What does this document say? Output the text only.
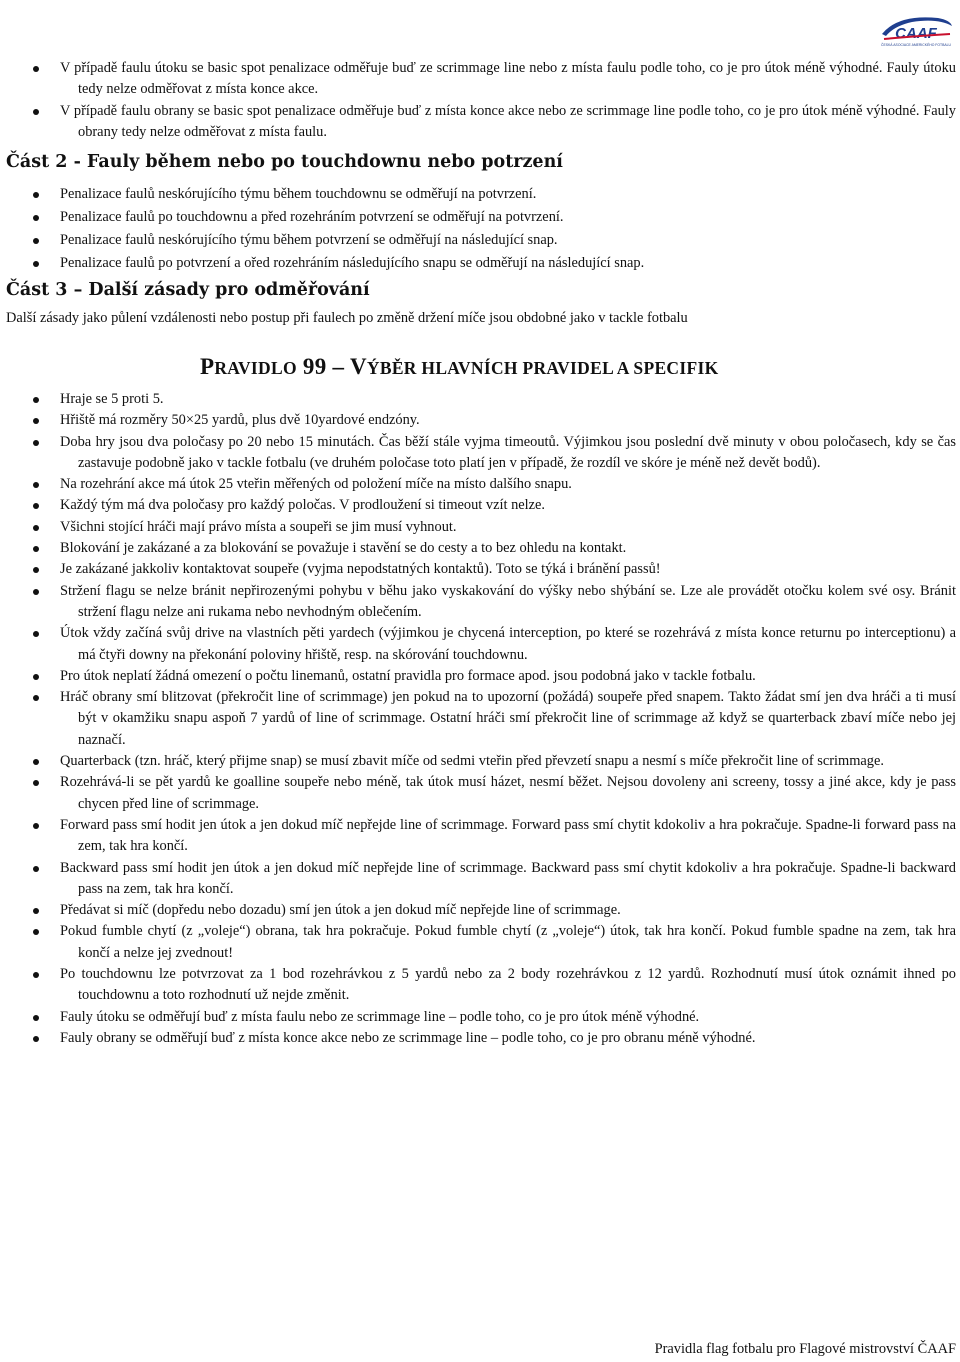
CAAF
ČESKÁ ASOCIACE AMERICKÉHO FOTBALU
V případě faulu útoku se basic spot penalizace odměřuje buď ze scrimmage line nebo z místa faulu podle toho, co je pro útok méně výhodné. Fauly útoku tedy nelze odměřovat z místa konce akce.
V případě faulu obrany se basic spot penalizace odměřuje buď z místa konce akce nebo ze scrimmage line podle toho, co je pro útok méně výhodné. Fauly obrany tedy nelze odměřovat z místa faulu.
Část 2 - Fauly během nebo po touchdownu nebo potrzení
Penalizace faulů neskórujícího týmu během touchdownu se odměřují na potvrzení.
Penalizace faulů po touchdownu a před rozehráním potvrzení se odměřují na potvrzení.
Penalizace faulů neskórujícího týmu během potvrzení se odměřují na následující snap.
Penalizace faulů po potvrzení a ořed rozehráním následujícího snapu se odměřují na následující snap.
Část 3 – Další zásady pro odměřování
Další zásady jako půlení vzdálenosti nebo postup při faulech po změně držení míče jsou obdobné jako v tackle fotbalu
PRAVIDLO 99 – VÝBĚR HLAVNÍCH PRAVIDEL A SPECIFIK
Hraje se 5 proti 5.
Hřiště má rozměry 50×25 yardů, plus dvě 10yardové endzóny.
Doba hry jsou dva poločasy po 20 nebo 15 minutách. Čas běží stále vyjma timeoutů. Výjimkou jsou poslední dvě minuty v obou poločasech, kdy se čas zastavuje podobně jako v tackle fotbalu (ve druhém poločase toto platí jen v případě, že rozdíl ve skóre je méně než devět bodů).
Na rozehrání akce má útok 25 vteřin měřených od položení míče na místo dalšího snapu.
Každý tým má dva poločasy pro každý poločas. V prodloužení si timeout vzít nelze.
Všichni stojící hráči mají právo místa a soupeři se jim musí vyhnout.
Blokování je zakázané a za blokování se považuje i stavění se do cesty a to bez ohledu na kontakt.
Je zakázané jakkoliv kontaktovat soupeře (vyjma nepodstatných kontaktů). Toto se týká i bránění passů!
Stržení flagu se nelze bránit nepřirozenými pohybu v běhu jako vyskakování do výšky nebo shýbání se. Lze ale provádět otočku kolem své osy. Bránit stržení flagu nelze ani rukama nebo nevhodným oblečením.
Útok vždy začíná svůj drive na vlastních pěti yardech (výjimkou je chycená interception, po které se rozehrává z místa konce returnu po interceptionu) a má čtyři downy na překonání poloviny hřiště, resp. na skórování touchdownu.
Pro útok neplatí žádná omezení o počtu linemanů, ostatní pravidla pro formace apod. jsou podobná jako v tackle fotbalu.
Hráč obrany smí blitzovat (překročit line of scrimmage) jen pokud na to upozorní (požádá) soupeře před snapem. Takto žádat smí jen dva hráči a ti musí být v okamžiku snapu aspoň 7 yardů of line of scrimmage. Ostatní hráči smí překročit line of scrimmage až když se quarterback zbaví míče nebo jej naznačí.
Quarterback (tzn. hráč, který přijme snap) se musí zbavit míče od sedmi vteřin před převzetí snapu a nesmí s míče překročit line of scrimmage.
Rozehrává-li se pět yardů ke goalline soupeře nebo méně, tak útok musí házet, nesmí běžet. Nejsou dovoleny ani screeny, tossy a jiné akce, kdy je pass chycen před line of scrimmage.
Forward pass smí hodit jen útok a jen dokud míč nepřejde line of scrimmage. Forward pass smí chytit kdokoliv a hra pokračuje. Spadne-li forward pass na zem, tak hra končí.
Backward pass smí hodit jen útok a jen dokud míč nepřejde line of scrimmage. Backward pass smí chytit kdokoliv a hra pokračuje. Spadne-li backward pass na zem, tak hra končí.
Předávat si míč (dopředu nebo dozadu) smí jen útok a jen dokud míč nepřejde line of scrimmage.
Pokud fumble chytí (z „voleje“) obrana, tak hra pokračuje. Pokud fumble chytí (z „voleje“) útok, tak hra končí. Pokud fumble spadne na zem, tak hra končí a nelze jej zvednout!
Po touchdownu lze potvrzovat za 1 bod rozehrávkou z 5 yardů nebo za 2 body rozehrávkou z 12 yardů. Rozhodnutí musí útok oznámit ihned po touchdownu a toto rozhodnutí už nejde změnit.
Fauly útoku se odměřují buď z místa faulu nebo ze scrimmage line – podle toho, co je pro útok méně výhodné.
Fauly obrany se odměřují buď z místa konce akce nebo ze scrimmage line – podle toho, co je pro obranu méně výhodné.
Pravidla flag fotbalu pro Flagové mistrovství ČAAF
